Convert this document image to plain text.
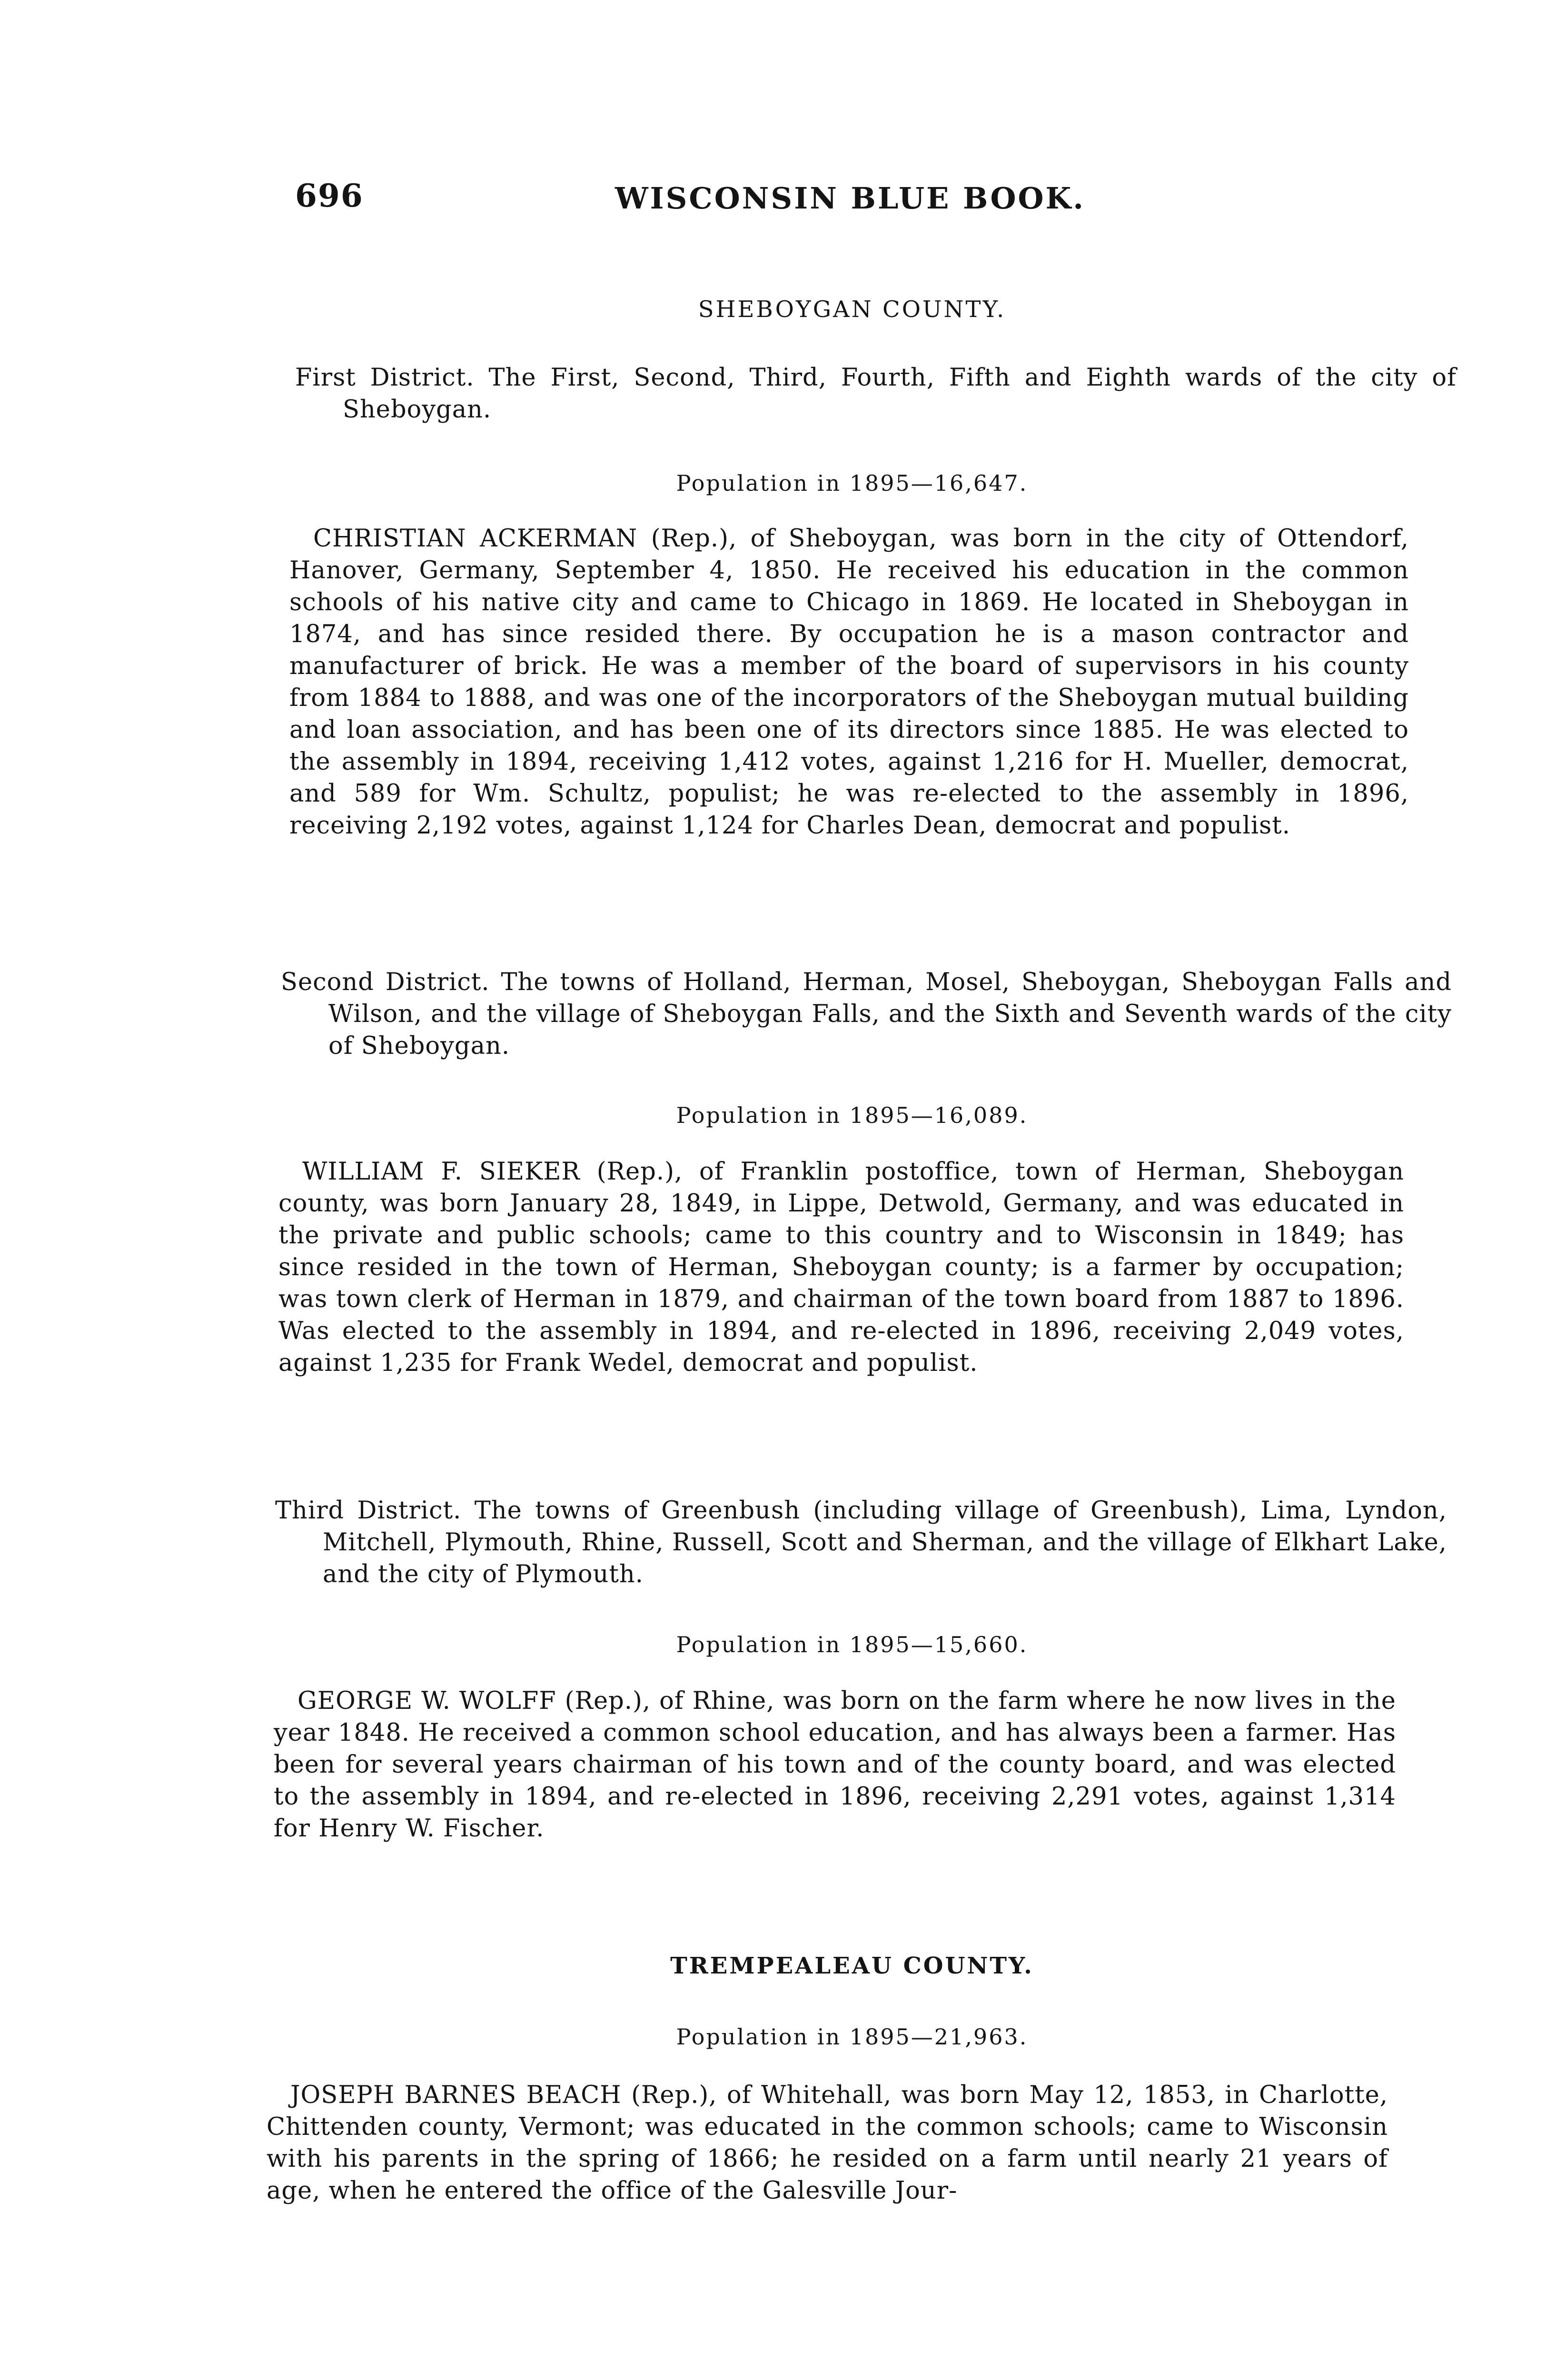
696	WISCONSIN BLUE BOOK.
SHEBOYGAN COUNTY.
First District. The First, Second, Third, Fourth, Fifth and Eighth wards of the city of Sheboygan.
Population in 1895—16,647.
CHRISTIAN ACKERMAN (Rep.), of Sheboygan, was born in the city of Ottendorf, Hanover, Germany, September 4, 1850. He received his education in the common schools of his native city and came to Chicago in 1869. He located in Sheboygan in 1874, and has since resided there. By occupation he is a mason contractor and manufacturer of brick. He was a member of the board of supervisors in his county from 1884 to 1888, and was one of the incorporators of the Sheboygan mutual building and loan association, and has been one of its directors since 1885. He was elected to the assembly in 1894, receiving 1,412 votes, against 1,216 for H. Mueller, democrat, and 589 for Wm. Schultz, populist; he was re-elected to the assembly in 1896, receiving 2,192 votes, against 1,124 for Charles Dean, democrat and populist.
Second District. The towns of Holland, Herman, Mosel, Sheboygan, Sheboygan Falls and Wilson, and the village of Sheboygan Falls, and the Sixth and Seventh wards of the city of Sheboygan.
Population in 1895—16,089.
WILLIAM F. SIEKER (Rep.), of Franklin postoffice, town of Herman, Sheboygan county, was born January 28, 1849, in Lippe, Detwold, Germany, and was educated in the private and public schools; came to this country and to Wisconsin in 1849; has since resided in the town of Herman, Sheboygan county; is a farmer by occupation; was town clerk of Herman in 1879, and chairman of the town board from 1887 to 1896. Was elected to the assembly in 1894, and re-elected in 1896, receiving 2,049 votes, against 1,235 for Frank Wedel, democrat and populist.
Third District. The towns of Greenbush (including village of Greenbush), Lima, Lyndon, Mitchell, Plymouth, Rhine, Russell, Scott and Sherman, and the village of Elkhart Lake, and the city of Plymouth.
Population in 1895—15,660.
GEORGE W. WOLFF (Rep.), of Rhine, was born on the farm where he now lives in the year 1848. He received a common school education, and has always been a farmer. Has been for several years chairman of his town and of the county board, and was elected to the assembly in 1894, and re-elected in 1896, receiving 2,291 votes, against 1,314 for Henry W. Fischer.
TREMPEALEAU COUNTY.
Population in 1895—21,963.
JOSEPH BARNES BEACH (Rep.), of Whitehall, was born May 12, 1853, in Charlotte, Chittenden county, Vermont; was educated in the common schools; came to Wisconsin with his parents in the spring of 1866; he resided on a farm until nearly 21 years of age, when he entered the office of the Galesville Jour-
